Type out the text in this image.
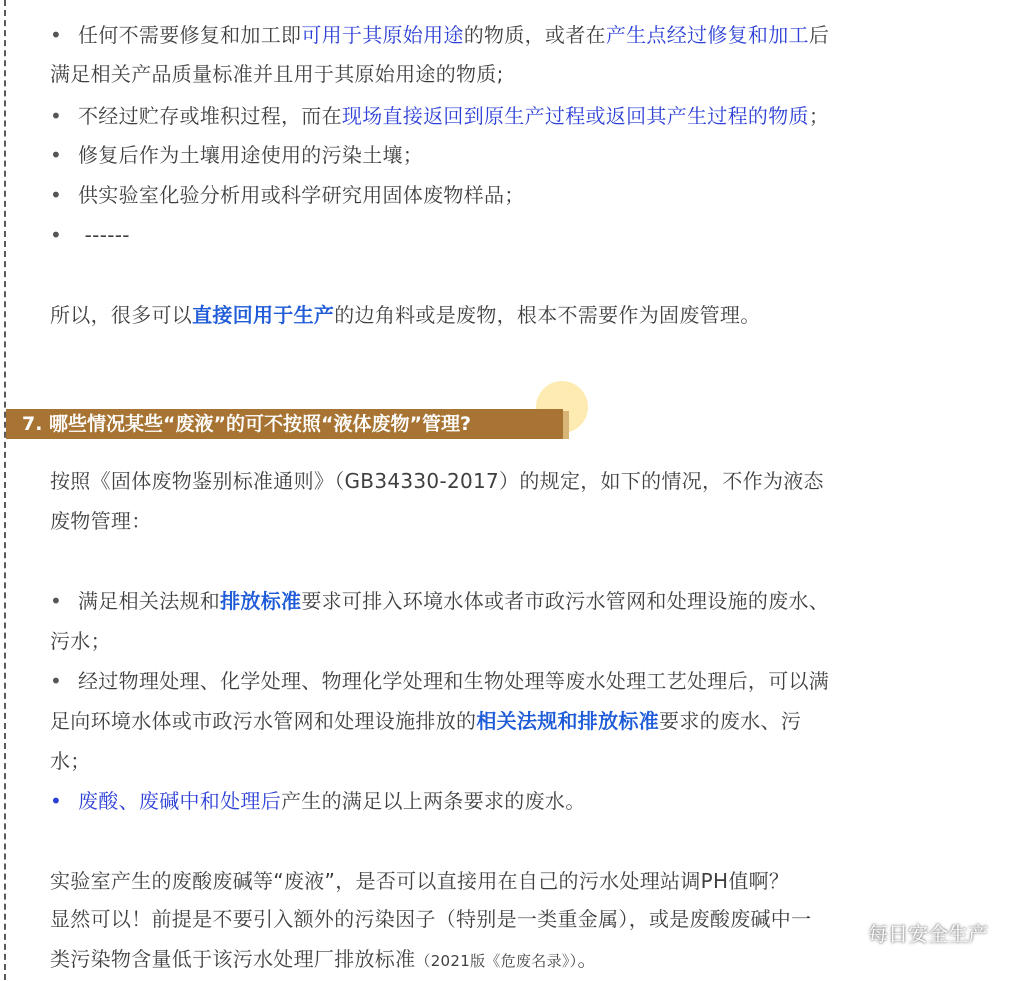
• 任何不需要修复和加工即可用于其原始用途的物质，或者在产生点经过修复和加工后
满足相关产品质量标准并且用于其原始用途的物质;
• 不经过贮存或堆积过程，而在现场直接返回到原生产过程或返回其产生过程的物质；
• 修复后作为土壤用途使用的污染土壤；
• 供实验室化验分析用或科学研究用固体废物样品；
• ------
所以，很多可以直接回用于生产的边角料或是废物，根本不需要作为固废管理。
按照《固体废物鉴别标准通则》（GB34330-2017）的规定，如下的情况，不作为液态
废物管理：
• 满足相关法规和排放标准要求可排入环境水体或者市政污水管网和处理设施的废水、
污水；
• 经过物理处理、化学处理、物理化学处理和生物处理等废水处理工艺处理后，可以满
足向环境水体或市政污水管网和处理设施排放的相关法规和排放标准要求的废水、污
水；
• 废酸、废碱中和处理后产生的满足以上两条要求的废水。
实验室产生的废酸废碱等“废液”，是否可以直接用在自己的污水处理站调PH值啊？
显然可以！前提是不要引入额外的污染因子（特别是一类重金属），或是废酸废碱中一
类污染物含量低于该污水处理厂排放标准（2021版《危废名录》）。
7. 哪些情况某些“废液”的可不按照“液体废物”管理?
每日安全生产
